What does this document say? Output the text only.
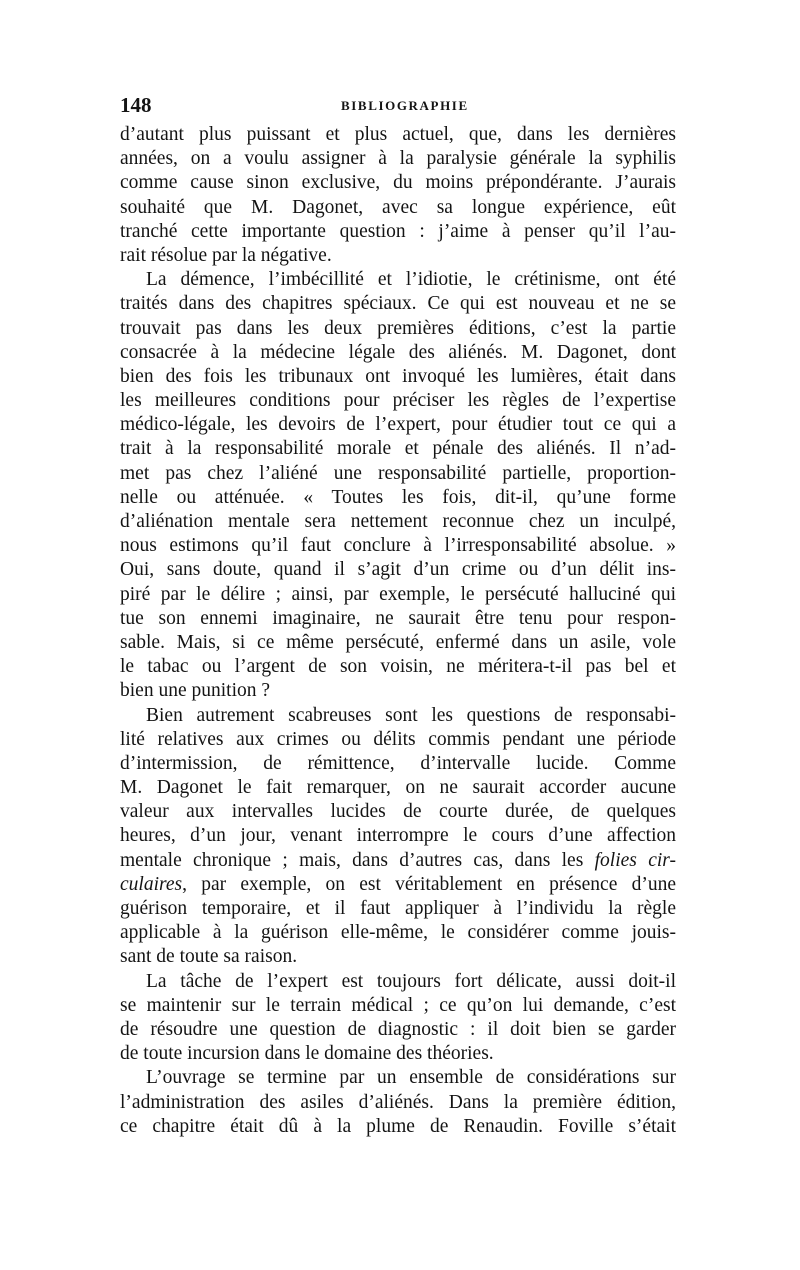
148	BIBLIOGRAPHIE
d’autant plus puissant et plus actuel, que, dans les dernières
années, on a voulu assigner à la paralysie générale la syphilis
comme cause sinon exclusive, du moins prépondérante. J’aurais
souhaité que M. Dagonet, avec sa longue expérience, eût
tranché cette importante question : j’aime à penser qu’il l’au-
rait résolue par la négative.
La démence, l’imbécillité et l’idiotie, le crétinisme, ont été
traités dans des chapitres spéciaux. Ce qui est nouveau et ne se
trouvait pas dans les deux premières éditions, c’est la partie
consacrée à la médecine légale des aliénés. M. Dagonet, dont
bien des fois les tribunaux ont invoqué les lumières, était dans
les meilleures conditions pour préciser les règles de l’expertise
médico-légale, les devoirs de l’expert, pour étudier tout ce qui a
trait à la responsabilité morale et pénale des aliénés. Il n’ad-
met pas chez l’aliéné une responsabilité partielle, proportion-
nelle ou atténuée. « Toutes les fois, dit-il, qu’une forme
d’aliénation mentale sera nettement reconnue chez un inculpé,
nous estimons qu’il faut conclure à l’irresponsabilité absolue. »
Oui, sans doute, quand il s’agit d’un crime ou d’un délit ins-
piré par le délire ; ainsi, par exemple, le persécuté halluciné qui
tue son ennemi imaginaire, ne saurait être tenu pour respon-
sable. Mais, si ce même persécuté, enfermé dans un asile, vole
le tabac ou l’argent de son voisin, ne méritera-t-il pas bel et
bien une punition ?
Bien autrement scabreuses sont les questions de responsabi-
lité relatives aux crimes ou délits commis pendant une période
d’intermission, de rémittence, d’intervalle lucide. Comme
M. Dagonet le fait remarquer, on ne saurait accorder aucune
valeur aux intervalles lucides de courte durée, de quelques
heures, d’un jour, venant interrompre le cours d’une affection
mentale chronique ; mais, dans d’autres cas, dans les folies cir-
culaires, par exemple, on est véritablement en présence d’une
guérison temporaire, et il faut appliquer à l’individu la règle
applicable à la guérison elle-même, le considérer comme jouis-
sant de toute sa raison.
La tâche de l’expert est toujours fort délicate, aussi doit-il
se maintenir sur le terrain médical ; ce qu’on lui demande, c’est
de résoudre une question de diagnostic : il doit bien se garder
de toute incursion dans le domaine des théories.
L’ouvrage se termine par un ensemble de considérations sur
l’administration des asiles d’aliénés. Dans la première édition,
ce chapitre était dû à la plume de Renaudin. Foville s’était
